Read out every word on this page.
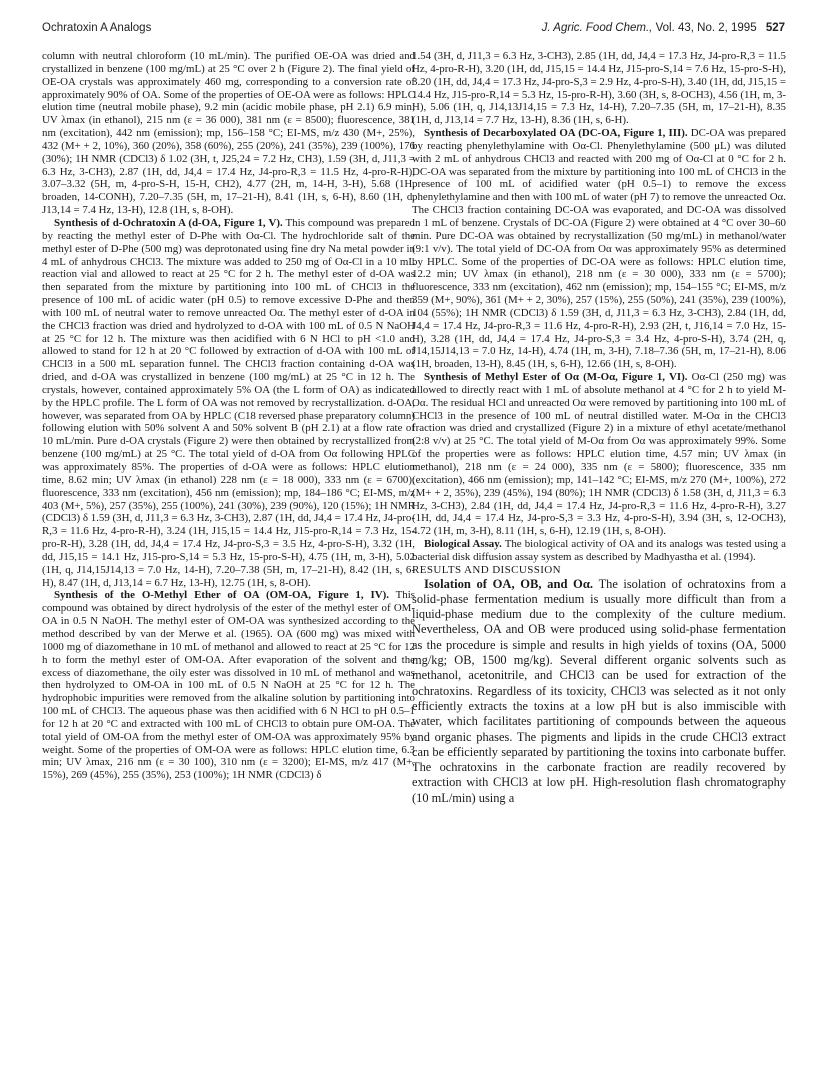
Ochratoxin A Analogs	J. Agric. Food Chem., Vol. 43, No. 2, 1995 527

column with neutral chloroform (10 mL/min). The purified OE-OA was dried and crystallized in benzene (100 mg/mL) at 25 °C over 2 h (Figure 2). The final yield of OE-OA crystals was approximately 460 mg, corresponding to a conversion rate of approximately 90% of OA. Some of the properties of OE-OA were as follows: HPLC elution time (neutral mobile phase), 9.2 min (acidic mobile phase, pH 2.1) 6.9 min; UV λmax (in ethanol), 215 nm (ε = 36 000), 381 nm (ε = 8500); fluorescence, 381 nm (excitation), 442 nm (emission); mp, 156–158 °C; EI-MS, m/z 430 (M+, 25%), 432 (M+ + 2, 10%), 360 (20%), 358 (60%), 255 (20%), 241 (35%), 239 (100%), 176 (30%); 1H NMR (CDCl3) δ 1.02 (3H, t, J25,24 = 7.2 Hz, CH3), 1.59 (3H, d, J11,3 = 6.3 Hz, 3-CH3), 2.87 (1H, dd, J4,4 = 17.4 Hz, J4-pro-R,3 = 11.5 Hz, 4-pro-R-H), 3.07–3.32 (5H, m, 4-pro-S-H, 15-H, CH2), 4.77 (2H, m, 14-H, 3-H), 5.68 (1H, broaden, 14-CONH), 7.20–7.35 (5H, m, 17–21-H), 8.41 (1H, s, 6-H), 8.60 (1H, d, J13,14 = 7.4 Hz, 13-H), 12.8 (1H, s, 8-OH).

Synthesis of d-Ochratoxin A (d-OA, Figure 1, V). This compound was prepared by reacting the methyl ester of D-Phe with Oα-Cl. The hydrochloride salt of the methyl ester of D-Phe (500 mg) was deprotonated using fine dry Na metal powder in 4 mL of anhydrous CHCl3. The mixture was added to 250 mg of Oα-Cl in a 10 mL reaction vial and allowed to react at 25 °C for 2 h. The methyl ester of d-OA was then separated from the mixture by partitioning into 100 mL of CHCl3 in the presence of 100 mL of acidic water (pH 0.5) to remove excessive D-Phe and then with 100 mL of neutral water to remove unreacted Oα. The methyl ester of d-OA in the CHCl3 fraction was dried and hydrolyzed to d-OA with 100 mL of 0.5 N NaOH at 25 °C for 12 h. The mixture was then acidified with 6 N HCl to pH <1.0 and allowed to stand for 12 h at 20 °C followed by extraction of d-OA with 100 mL of CHCl3 in a 500 mL separation funnel. The CHCl3 fraction containing d-OA was dried, and d-OA was crystallized in benzene (100 mg/mL) at 25 °C in 12 h. The crystals, however, contained approximately 5% OA (the L form of OA) as indicated by the HPLC profile. The L form of OA was not removed by recrystallization. d-OA, however, was separated from OA by HPLC (C18 reversed phase preparatory column) following elution with 50% solvent A and 50% solvent B (pH 2.1) at a flow rate of 10 mL/min. Pure d-OA crystals (Figure 2) were then obtained by recrystallized from benzene (100 mg/mL) at 25 °C. The total yield of d-OA from Oα following HPLC was approximately 85%. The properties of d-OA were as follows: HPLC elution time, 8.62 min; UV λmax (in ethanol) 228 nm (ε = 18 000), 333 nm (ε = 6700); fluorescence, 333 nm (excitation), 456 nm (emission); mp, 184–186 °C; EI-MS, m/z 403 (M+, 5%), 257 (35%), 255 (100%), 241 (30%), 239 (90%), 120 (15%); 1H NMR (CDCl3) δ 1.59 (3H, d, J11,3 = 6.3 Hz, 3-CH3), 2.87 (1H, dd, J4,4 = 17.4 Hz, J4-pro-R,3 = 11.6 Hz, 4-pro-R-H), 3.24 (1H, J15,15 = 14.4 Hz, J15-pro-R,14 = 7.3 Hz, 15-pro-R-H), 3.28 (1H, dd, J4,4 = 17.4 Hz, J4-pro-S,3 = 3.5 Hz, 4-pro-S-H), 3.32 (1H, dd, J15,15 = 14.1 Hz, J15-pro-S,14 = 5.3 Hz, 15-pro-S-H), 4.75 (1H, m, 3-H), 5.02 (1H, q, J14,15J14,13 = 7.0 Hz, 14-H), 7.20–7.38 (5H, m, 17–21-H), 8.42 (1H, s, 6-H), 8.47 (1H, d, J13,14 = 6.7 Hz, 13-H), 12.75 (1H, s, 8-OH).

Synthesis of the O-Methyl Ether of OA (OM-OA, Figure 1, IV). This compound was obtained by direct hydrolysis of the ester of the methyl ester of OM-OA in 0.5 N NaOH. The methyl ester of OM-OA was synthesized according to the method described by van der Merwe et al. (1965). OA (600 mg) was mixed with 1000 mg of diazomethane in 10 mL of methanol and allowed to react at 25 °C for 12 h to form the methyl ester of OM-OA. After evaporation of the solvent and the excess of diazomethane, the oily ester was dissolved in 10 mL of methanol and was then hydrolyzed to OM-OA in 100 mL of 0.5 N NaOH at 25 °C for 12 h. The hydrophobic impurities were removed from the alkaline solution by partitioning into 100 mL of CHCl3. The aqueous phase was then acidified with 6 N HCl to pH 0.5–1 for 12 h at 20 °C and extracted with 100 mL of CHCl3 to obtain pure OM-OA. The total yield of OM-OA from the methyl ester of OM-OA was approximately 95% by weight. Some of the properties of OM-OA were as follows: HPLC elution time, 6.3 min; UV λmax, 216 nm (ε = 30 100), 310 nm (ε = 3200); EI-MS, m/z 417 (M+, 15%), 269 (45%), 255 (35%), 253 (100%); 1H NMR (CDCl3) δ

1.54 (3H, d, J11,3 = 6.3 Hz, 3-CH3), 2.85 (1H, dd, J4,4 = 17.3 Hz, J4-pro-R,3 = 11.5 Hz, 4-pro-R-H), 3.20 (1H, dd, J15,15 = 14.4 Hz, J15-pro-S,14 = 7.6 Hz, 15-pro-S-H), 3.20 (1H, dd, J4,4 = 17.3 Hz, J4-pro-S,3 = 2.9 Hz, 4-pro-S-H), 3.40 (1H, dd, J15,15 = 14.4 Hz, J15-pro-R,14 = 5.3 Hz, 15-pro-R-H), 3.60 (3H, s, 8-OCH3), 4.56 (1H, m, 3-H), 5.06 (1H, q, J14,13J14,15 = 7.3 Hz, 14-H), 7.20–7.35 (5H, m, 17–21-H), 8.35 (1H, d, J13,14 = 7.7 Hz, 13-H), 8.36 (1H, s, 6-H).

Synthesis of Decarboxylated OA (DC-OA, Figure 1, III). DC-OA was prepared by reacting phenylethylamine with Oα-Cl. Phenylethylamine (500 μL) was diluted with 2 mL of anhydrous CHCl3 and reacted with 200 mg of Oα-Cl at 0 °C for 2 h. DC-OA was separated from the mixture by partitioning into 100 mL of CHCl3 in the presence of 100 mL of acidified water (pH 0.5–1) to remove the excess phenylethylamine and then with 100 mL of water (pH 7) to remove the unreacted Oα. The CHCl3 fraction containing DC-OA was evaporated, and DC-OA was dissolved in 1 mL of benzene. Crystals of DC-OA (Figure 2) were obtained at 4 °C over 30–60 min. Pure DC-OA was obtained by recrystallization (50 mg/mL) in methanol/water (9:1 v/v). The total yield of DC-OA from Oα was approximately 95% as determined by HPLC. Some of the properties of DC-OA were as follows: HPLC elution time, 12.2 min; UV λmax (in ethanol), 218 nm (ε = 30 000), 333 nm (ε = 5700); fluorescence, 333 nm (excitation), 462 nm (emission); mp, 154–155 °C; EI-MS, m/z 359 (M+, 90%), 361 (M+ + 2, 30%), 257 (15%), 255 (50%), 241 (35%), 239 (100%), 104 (55%); 1H NMR (CDCl3) δ 1.59 (3H, d, J11,3 = 6.3 Hz, 3-CH3), 2.84 (1H, dd, J4,4 = 17.4 Hz, J4-pro-R,3 = 11.6 Hz, 4-pro-R-H), 2.93 (2H, t, J16,14 = 7.0 Hz, 15-H), 3.28 (1H, dd, J4,4 = 17.4 Hz, J4-pro-S,3 = 3.4 Hz, 4-pro-S-H), 3.74 (2H, q, J14,15J14,13 = 7.0 Hz, 14-H), 4.74 (1H, m, 3-H), 7.18–7.36 (5H, m, 17–21-H), 8.06 (1H, broaden, 13-H), 8.45 (1H, s, 6-H), 12.66 (1H, s, 8-OH).

Synthesis of Methyl Ester of Oα (M-Oα, Figure 1, VI). Oα-Cl (250 mg) was allowed to directly react with 1 mL of absolute methanol at 4 °C for 2 h to yield M-Oα. The residual HCl and unreacted Oα were removed by partitioning into 100 mL of CHCl3 in the presence of 100 mL of neutral distilled water. M-Oα in the CHCl3 fraction was dried and crystallized (Figure 2) in a mixture of ethyl acetate/methanol (2:8 v/v) at 25 °C. The total yield of M-Oα from Oα was approximately 99%. Some of the properties were as follows: HPLC elution time, 4.57 min; UV λmax (in methanol), 218 nm (ε = 24 000), 335 nm (ε = 5800); fluorescence, 335 nm (excitation), 466 nm (emission); mp, 141–142 °C; EI-MS, m/z 270 (M+, 100%), 272 (M+ + 2, 35%), 239 (45%), 194 (80%); 1H NMR (CDCl3) δ 1.58 (3H, d, J11,3 = 6.3 Hz, 3-CH3), 2.84 (1H, dd, J4,4 = 17.4 Hz, J4-pro-R,3 = 11.6 Hz, 4-pro-R-H), 3.27 (1H, dd, J4,4 = 17.4 Hz, J4-pro-S,3 = 3.3 Hz, 4-pro-S-H), 3.94 (3H, s, 12-OCH3), 4.72 (1H, m, 3-H), 8.11 (1H, s, 6-H), 12.19 (1H, s, 8-OH).

Biological Assay. The biological activity of OA and its analogs was tested using a bacterial disk diffusion assay system as described by Madhyastha et al. (1994).

RESULTS AND DISCUSSION

Isolation of OA, OB, and Oα. The isolation of ochratoxins from a solid-phase fermentation medium is usually more difficult than from a liquid-phase medium due to the complexity of the culture medium. Nevertheless, OA and OB were produced using solid-phase fermentation as the procedure is simple and results in high yields of toxins (OA, 5000 mg/kg; OB, 1500 mg/kg). Several different organic solvents such as methanol, acetonitrile, and CHCl3 can be used for extraction of the ochratoxins. Regardless of its toxicity, CHCl3 was selected as it not only efficiently extracts the toxins at a low pH but is also immiscible with water, which facilitates partitioning of compounds between the aqueous and organic phases. The pigments and lipids in the crude CHCl3 extract can be efficiently separated by partitioning the toxins into carbonate buffer. The ochratoxins in the carbonate fraction are readily recovered by extraction with CHCl3 at low pH. High-resolution flash chromatography (10 mL/min) using a
